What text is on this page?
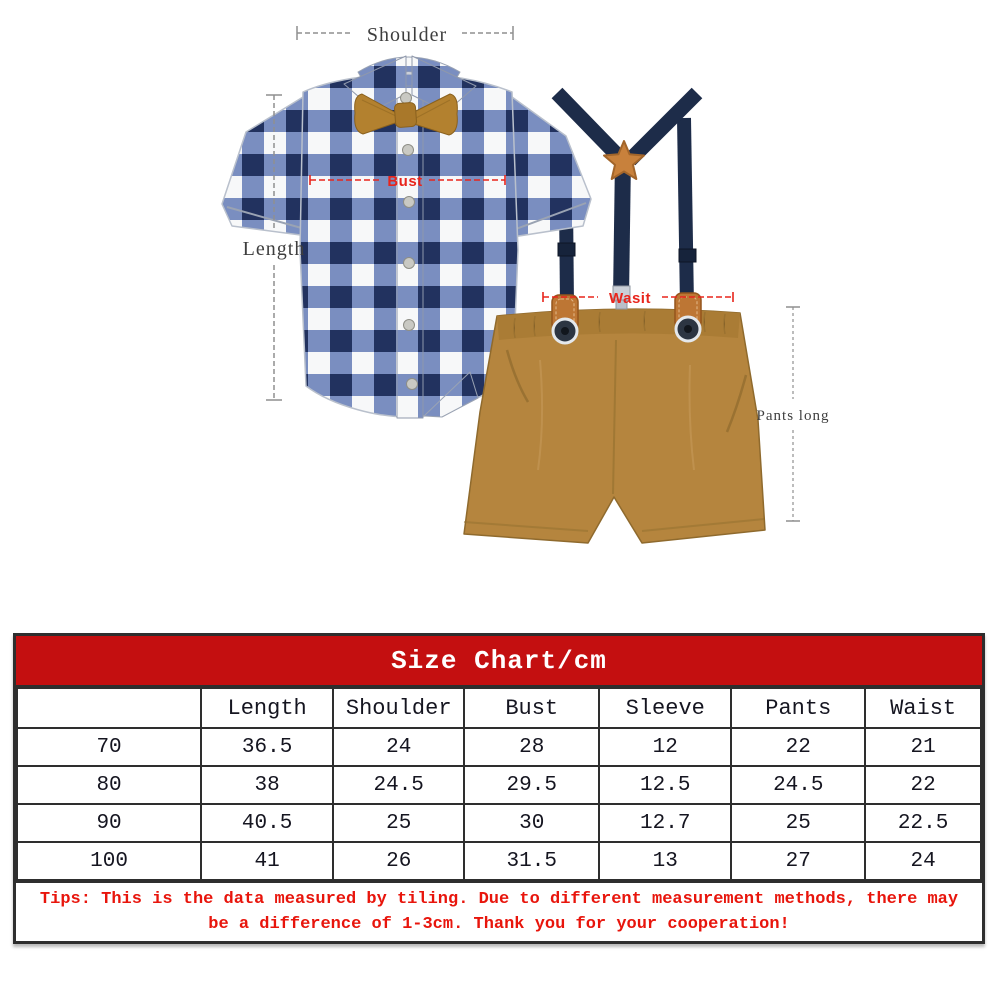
Shoulder
Length
Pants long
Bust
Wasit
Size Chart/cm
	Length	Shoulder	Bust	Sleeve	Pants	Waist
70	36.5	24	28	12	22	21
80	38	24.5	29.5	12.5	24.5	22
90	40.5	25	30	12.7	25	22.5
100	41	26	31.5	13	27	24
Tips: This is the data measured by tiling. Due to different measurement methods, there may
be a difference of 1-3cm. Thank you for your cooperation!
